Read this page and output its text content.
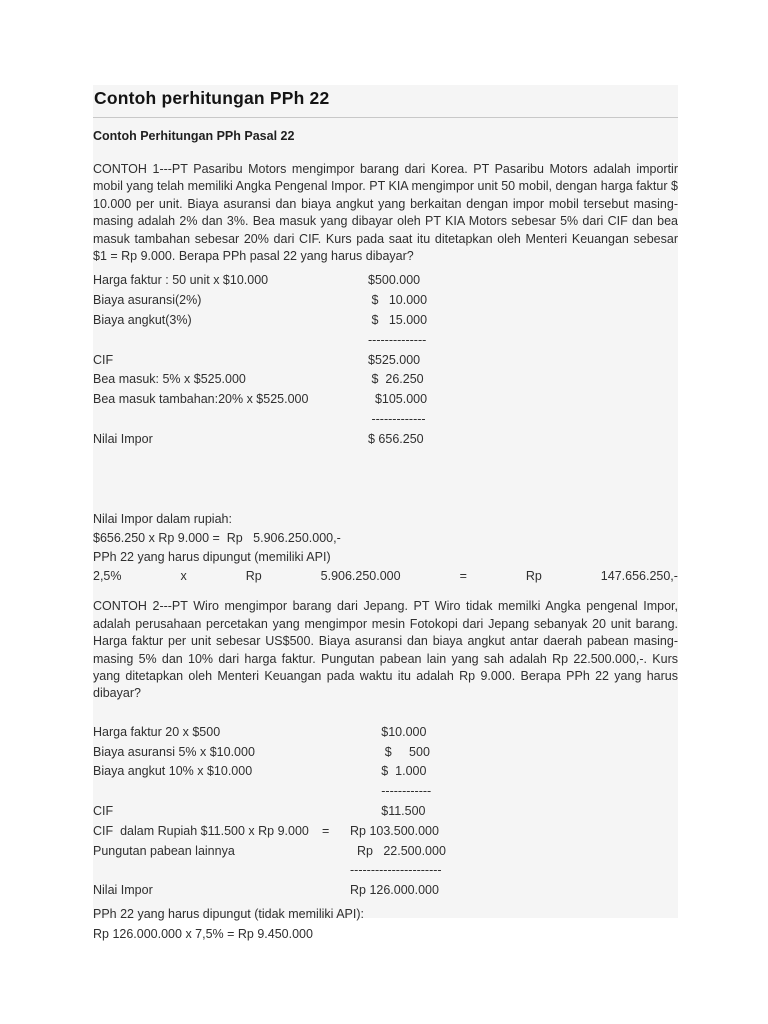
Contoh perhitungan PPh 22
Contoh Perhitungan PPh Pasal 22
CONTOH 1---PT Pasaribu Motors mengimpor barang dari Korea. PT Pasaribu Motors adalah importir mobil yang telah memiliki Angka Pengenal Impor. PT KIA mengimpor unit 50 mobil, dengan harga faktur $ 10.000 per unit. Biaya asuransi dan biaya angkut yang berkaitan dengan impor mobil tersebut masing-masing adalah 2% dan 3%. Bea masuk yang dibayar oleh PT KIA Motors sebesar 5% dari CIF dan bea masuk tambahan sebesar 20% dari CIF. Kurs pada saat itu ditetapkan oleh Menteri Keuangan sebesar $1 = Rp 9.000. Berapa PPh pasal 22 yang harus dibayar?
Harga faktur : 50 unit x $10.000	$500.000
Biaya asuransi(2%)	$   10.000
Biaya angkut(3%)	$   15.000
--------------
CIF	$525.000
Bea masuk: 5% x $525.000	$  26.250
Bea masuk tambahan:20% x $525.000	$105.000
-------------
Nilai Impor	$ 656.250
Nilai Impor dalam rupiah:
$656.250 x Rp 9.000 =  Rp   5.906.250.000,-
PPh 22 yang harus dipungut (memiliki API)
2,5%	x	Rp	5.906.250.000	=	Rp	147.656.250,-
CONTOH 2---PT Wiro mengimpor barang dari Jepang. PT Wiro tidak memilki Angka pengenal Impor, adalah perusahaan percetakan yang mengimpor mesin Fotokopi dari Jepang sebanyak 20 unit barang. Harga faktur per unit sebesar US$500. Biaya asuransi dan biaya angkut antar daerah pabean masing-masing 5% dan 10% dari harga faktur. Pungutan pabean lain yang sah adalah Rp 22.500.000,-. Kurs yang ditetapkan oleh Menteri Keuangan pada waktu itu adalah Rp 9.000. Berapa PPh 22 yang harus dibayar?
Harga faktur 20 x $500	$10.000
Biaya asuransi 5% x $10.000	$     500
Biaya angkut 10% x $10.000	$  1.000
------------
CIF	$11.500
CIF  dalam Rupiah $11.500 x Rp 9.000 = Rp 103.500.000
Pungutan pabean lainnya	Rp   22.500.000
----------------------
Nilai Impor	Rp 126.000.000
PPh 22 yang harus dipungut (tidak memiliki API):
Rp 126.000.000 x 7,5% = Rp 9.450.000
